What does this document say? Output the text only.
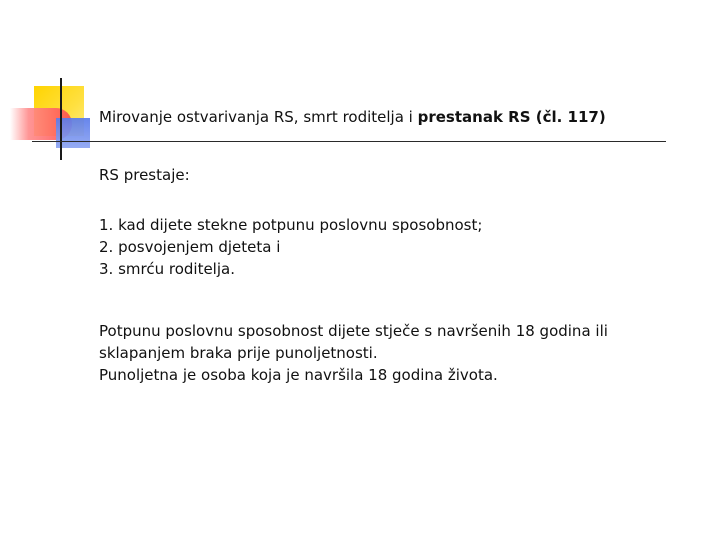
Mirovanje ostvarivanja RS, smrt roditelja i prestanak RS (čl. 117)

RS prestaje:

1. kad dijete stekne potpunu poslovnu sposobnost;

2. posvojenjem djeteta i

3. smrću roditelja.

Potpunu poslovnu sposobnost dijete stječe s navršenih 18 godina ili

sklapanjem braka prije punoljetnosti.

Punoljetna je osoba koja je navršila 18 godina života.
